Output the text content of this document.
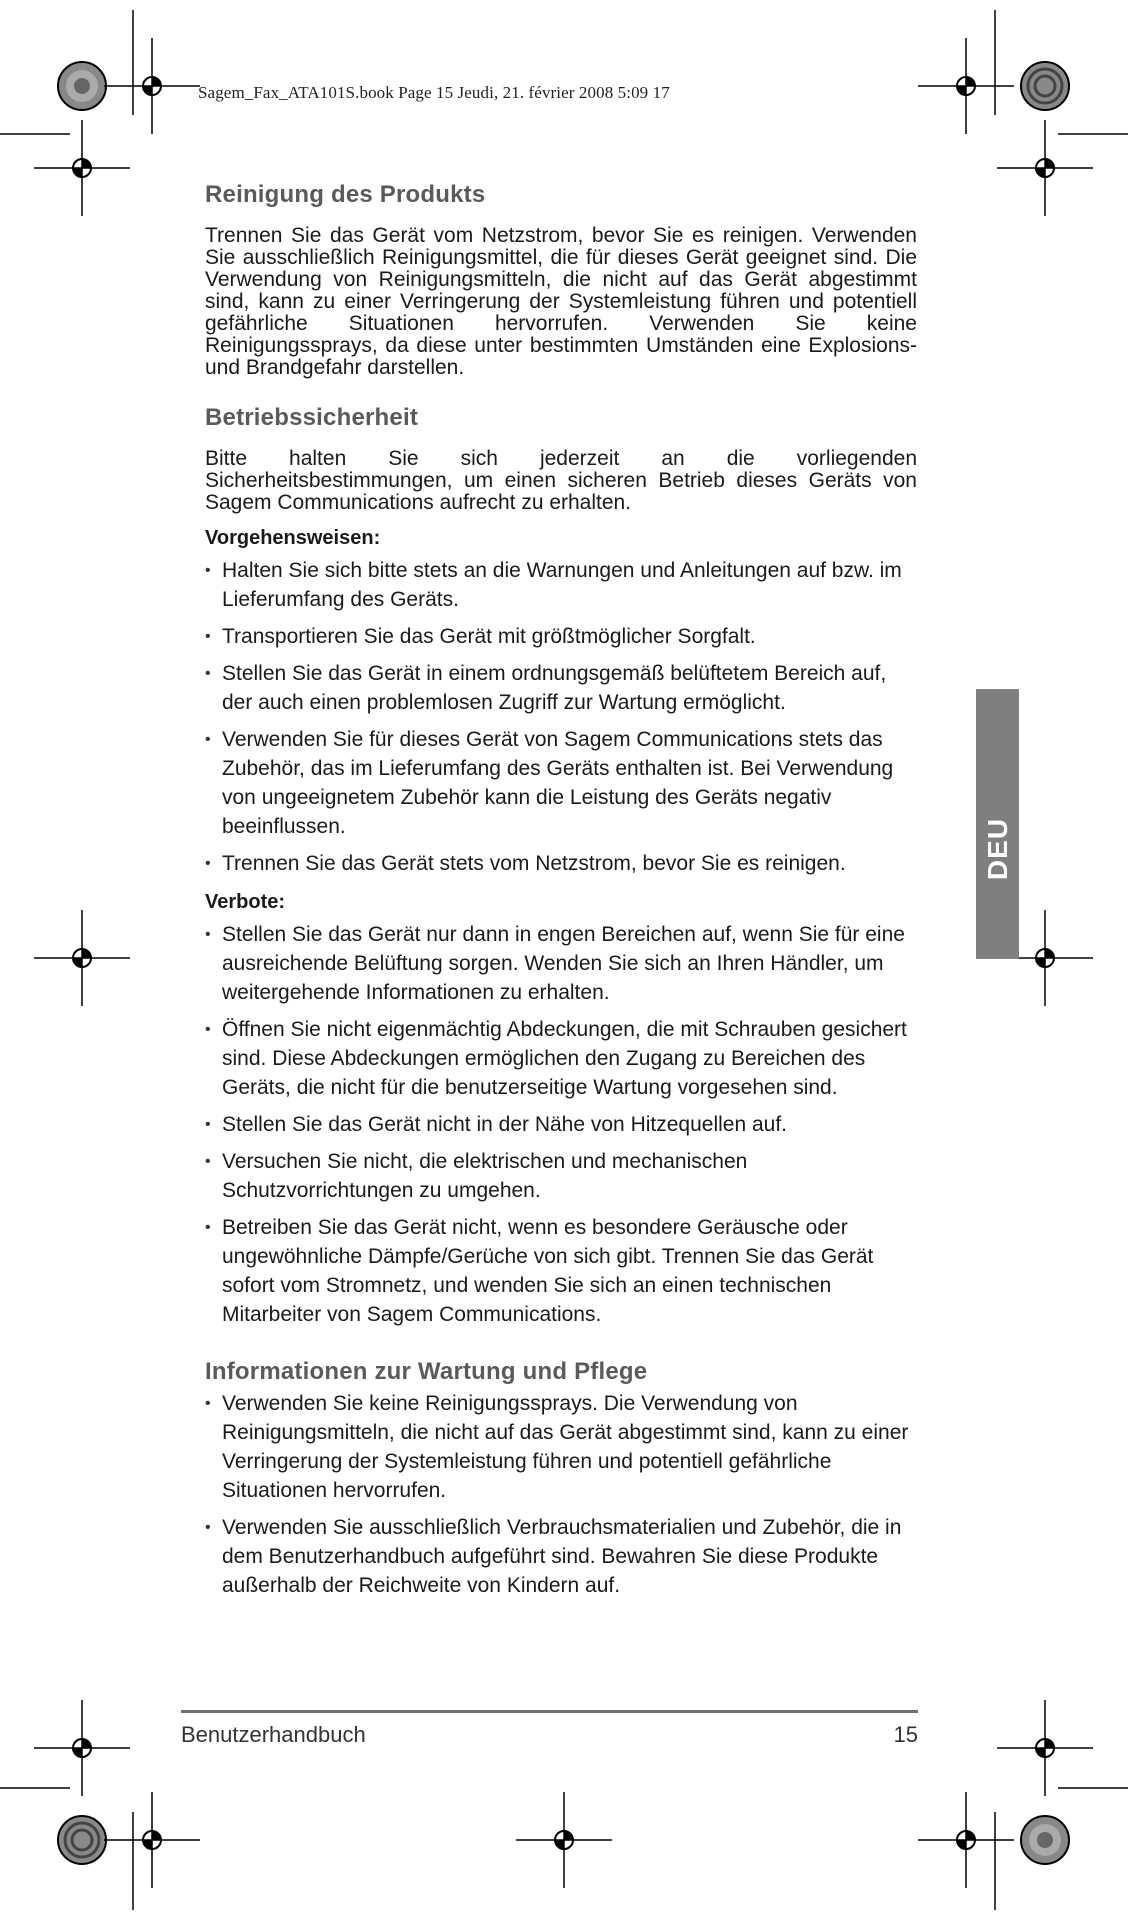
Sagem_Fax_ATA101S.book Page 15 Jeudi, 21. février 2008 5:09 17
Reinigung des Produkts

Trennen Sie das Gerät vom Netzstrom, bevor Sie es reinigen. Verwenden Sie ausschließlich Reinigungsmittel, die für dieses Gerät geeignet sind. Die Verwendung von Reinigungsmitteln, die nicht auf das Gerät abgestimmt sind, kann zu einer Verringerung der Systemleistung führen und potentiell gefährliche Situationen hervorrufen. Verwenden Sie keine Reinigungssprays, da diese unter bestimmten Umständen eine Explosions- und Brandgefahr darstellen.

Betriebssicherheit

Bitte halten Sie sich jederzeit an die vorliegenden Sicherheitsbestimmungen, um einen sicheren Betrieb dieses Geräts von Sagem Communications aufrecht zu erhalten.

Vorgehensweisen:
• Halten Sie sich bitte stets an die Warnungen und Anleitungen auf bzw. im Lieferumfang des Geräts.
• Transportieren Sie das Gerät mit größtmöglicher Sorgfalt.
• Stellen Sie das Gerät in einem ordnungsgemäß belüftetem Bereich auf, der auch einen problemlosen Zugriff zur Wartung ermöglicht.
• Verwenden Sie für dieses Gerät von Sagem Communications stets das Zubehör, das im Lieferumfang des Geräts enthalten ist. Bei Verwendung von ungeeignetem Zubehör kann die Leistung des Geräts negativ beeinflussen.
• Trennen Sie das Gerät stets vom Netzstrom, bevor Sie es reinigen.
Verbote:
• Stellen Sie das Gerät nur dann in engen Bereichen auf, wenn Sie für eine ausreichende Belüftung sorgen. Wenden Sie sich an Ihren Händler, um weitergehende Informationen zu erhalten.
• Öffnen Sie nicht eigenmächtig Abdeckungen, die mit Schrauben gesichert sind. Diese Abdeckungen ermöglichen den Zugang zu Bereichen des Geräts, die nicht für die benutzerseitige Wartung vorgesehen sind.
• Stellen Sie das Gerät nicht in der Nähe von Hitzequellen auf.
• Versuchen Sie nicht, die elektrischen und mechanischen Schutzvorrichtungen zu umgehen.
• Betreiben Sie das Gerät nicht, wenn es besondere Geräusche oder ungewöhnliche Dämpfe/Gerüche von sich gibt. Trennen Sie das Gerät sofort vom Stromnetz, und wenden Sie sich an einen technischen Mitarbeiter von Sagem Communications.
Informationen zur Wartung und Pflege
• Verwenden Sie keine Reinigungssprays. Die Verwendung von Reinigungsmitteln, die nicht auf das Gerät abgestimmt sind, kann zu einer Verringerung der Systemleistung führen und potentiell gefährliche Situationen hervorrufen.
• Verwenden Sie ausschließlich Verbrauchsmaterialien und Zubehör, die in dem Benutzerhandbuch aufgeführt sind. Bewahren Sie diese Produkte außerhalb der Reichweite von Kindern auf.
DEU
Benutzerhandbuch	15
